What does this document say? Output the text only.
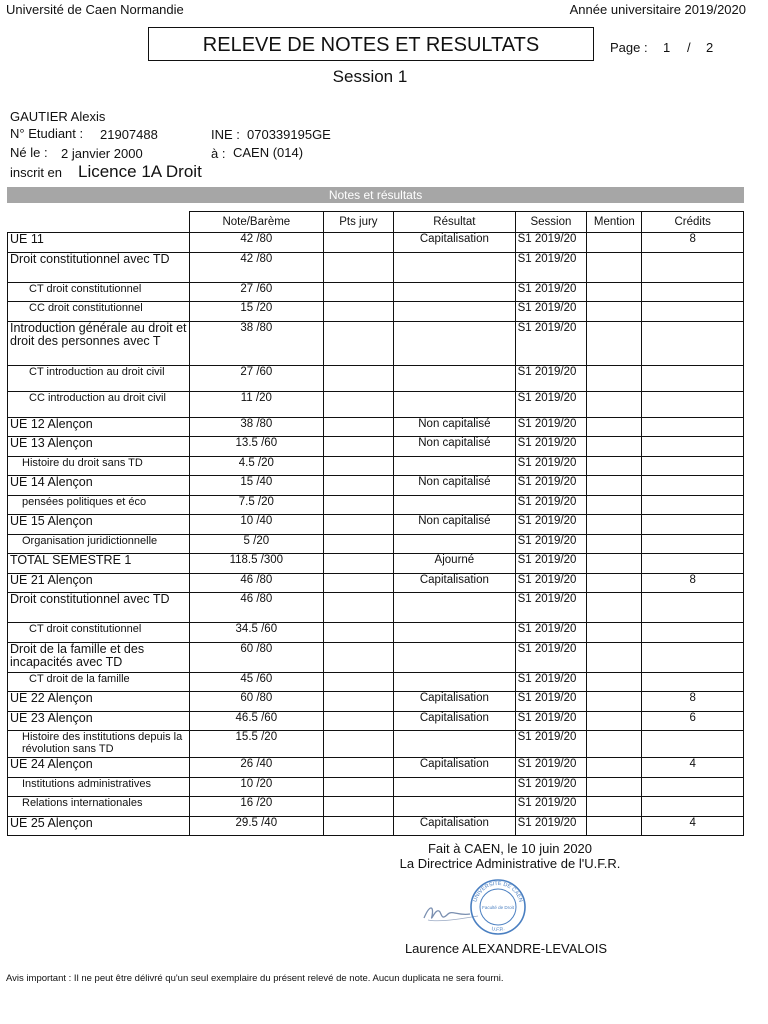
Université de Caen Normandie	Année universitaire 2019/2020
RELEVE DE NOTES ET RESULTATS	Page : 1 / 2
Session 1
GAUTIER Alexis
N° Etudiant : 21907488	INE : 070339195GE
Né le : 2 janvier 2000	à : CAEN (014)
inscrit en Licence 1A Droit
Notes et résultats
	Note/Barème	Pts jury	Résultat	Session	Mention	Crédits
UE 11	42 /80		Capitalisation	S1 2019/20		8
Droit constitutionnel avec TD	42 /80			S1 2019/20		
CT droit constitutionnel	27 /60			S1 2019/20		
CC droit constitutionnel	15 /20			S1 2019/20		
Introduction générale au droit et droit des personnes avec T	38 /80			S1 2019/20		
CT introduction au droit civil	27 /60			S1 2019/20		
CC introduction au droit civil	11 /20			S1 2019/20		
UE 12 Alençon	38 /80		Non capitalisé	S1 2019/20		
UE 13 Alençon	13.5 /60		Non capitalisé	S1 2019/20		
Histoire du droit sans TD	4.5 /20			S1 2019/20		
UE 14 Alençon	15 /40		Non capitalisé	S1 2019/20		
pensées politiques et éco	7.5 /20			S1 2019/20		
UE 15 Alençon	10 /40		Non capitalisé	S1 2019/20		
Organisation juridictionnelle	5 /20			S1 2019/20		
TOTAL SEMESTRE 1	118.5 /300		Ajourné	S1 2019/20		
UE 21 Alençon	46 /80		Capitalisation	S1 2019/20		8
Droit constitutionnel avec TD	46 /80			S1 2019/20		
CT droit constitutionnel	34.5 /60			S1 2019/20		
Droit de la famille et des incapacités avec TD	60 /80			S1 2019/20		
CT droit de la famille	45 /60			S1 2019/20		
UE 22 Alençon	60 /80		Capitalisation	S1 2019/20		8
UE 23 Alençon	46.5 /60		Capitalisation	S1 2019/20		6
Histoire des institutions depuis la révolution sans TD	15.5 /20			S1 2019/20		
UE 24 Alençon	26 /40		Capitalisation	S1 2019/20		4
Institutions administratives	10 /20			S1 2019/20		
Relations internationales	16 /20			S1 2019/20		
UE 25 Alençon	29.5 /40		Capitalisation	S1 2019/20		4
Fait à CAEN, le 10 juin 2020
La Directrice Administrative de l'U.F.R.
UNIVERSITÉ DE CAEN
U.F.R.
Faculté de Droit
Laurence ALEXANDRE-LEVALOIS
Avis important : Il ne peut être délivré qu'un seul exemplaire du présent relevé de note. Aucun duplicata ne sera fourni.
